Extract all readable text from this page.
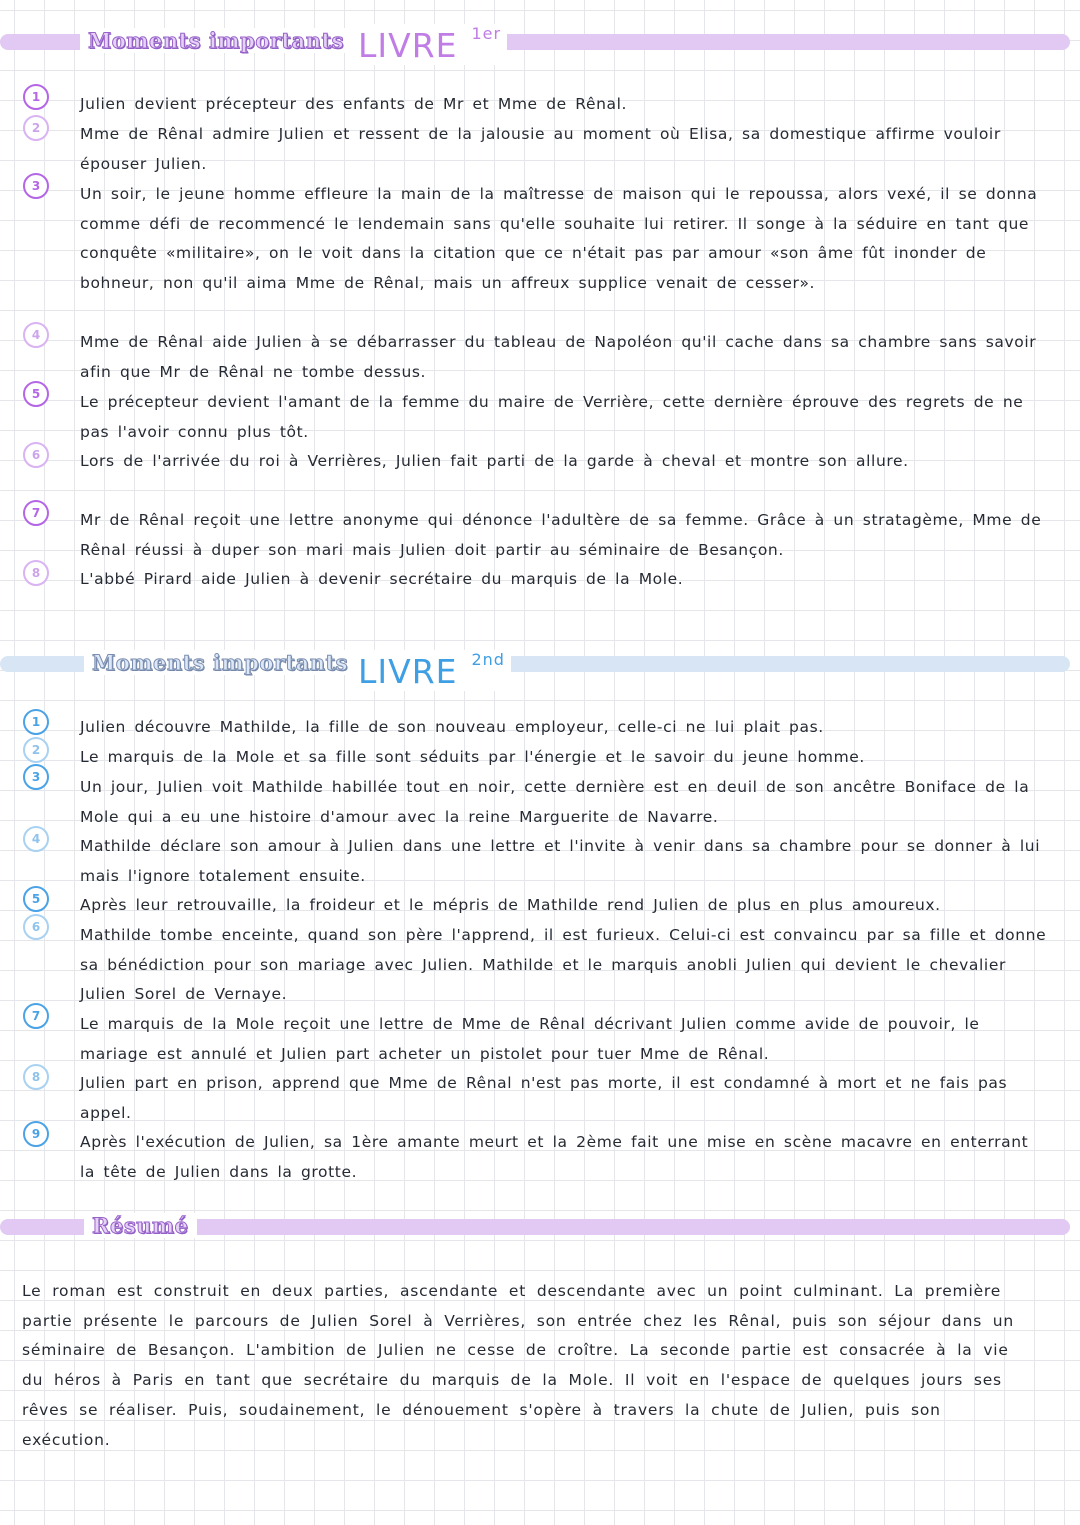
Moments importants LIVRE $^{1er}$
1	Julien devient précepteur des enfants de Mr et Mme de Rênal.
2	Mme de Rênal admire Julien et ressent de la jalousie au moment où Elisa, sa domestique affirme vouloir épouser Julien.
3	Un soir, le jeune homme effleure la main de la maîtresse de maison qui le repoussa, alors vexé, il se donna comme défi de recommencé le lendemain sans qu'elle souhaite lui retirer. Il songe à la séduire en tant que conquête «militaire», on le voit dans la citation que ce n'était pas par amour «son âme fût inonder de bohneur, non qu'il aima Mme de Rênal, mais un affreux supplice venait de cesser».
4	Mme de Rênal aide Julien à se débarrasser du tableau de Napoléon qu'il cache dans sa chambre sans savoir afin que Mr de Rênal ne tombe dessus.
5	Le précepteur devient l'amant de la femme du maire de Verrière, cette dernière éprouve des regrets de ne pas l'avoir connu plus tôt.
6	Lors de l'arrivée du roi à Verrières, Julien fait parti de la garde à cheval et montre son allure.
7	Mr de Rênal reçoit une lettre anonyme qui dénonce l'adultère de sa femme. Grâce à un stratagème, Mme de Rênal réussi à duper son mari mais Julien doit partir au séminaire de Besançon.
8	L'abbé Pirard aide Julien à devenir secrétaire du marquis de la Mole.
Moments importants LIVRE $^{2nd}$
1	Julien découvre Mathilde, la fille de son nouveau employeur, celle-ci ne lui plait pas.
2	Le marquis de la Mole et sa fille sont séduits par l'énergie et le savoir du jeune homme.
3
Un jour, Julien voit Mathilde habillée tout en noir, cette dernière est en deuil de son ancêtre Boniface de la Mole qui a eu une histoire d'amour avec la reine Marguerite de Navarre.
4	Mathilde déclare son amour à Julien dans une lettre et l'invite à venir dans sa chambre pour se donner à lui mais l'ignore totalement ensuite.
5	Après leur retrouvaille, la froideur et le mépris de Mathilde rend Julien de plus en plus amoureux.
6	Mathilde tombe enceinte, quand son père l'apprend, il est furieux. Celui-ci est convaincu par sa fille et donne sa bénédiction pour son mariage avec Julien. Mathilde et le marquis anobli Julien qui devient le chevalier Julien Sorel de Vernaye.
7	Le marquis de la Mole reçoit une lettre de Mme de Rênal décrivant Julien comme avide de pouvoir, le mariage est annulé et Julien part acheter un pistolet pour tuer Mme de Rênal.
8	Julien part en prison, apprend que Mme de Rênal n'est pas morte, il est condamné à mort et ne fais pas appel.
9	Après l'exécution de Julien, sa 1ère amante meurt et la 2ème fait une mise en scène macavre en enterrant la tête de Julien dans la grotte.
Résumé
Le roman est construit en deux parties, ascendante et descendante avec un point culminant. La première partie présente le parcours de Julien Sorel à Verrières, son entrée chez les Rênal, puis son séjour dans un séminaire de Besançon. L'ambition de Julien ne cesse de croître. La seconde partie est consacrée à la vie du héros à Paris en tant que secrétaire du marquis de la Mole. Il voit en l'espace de quelques jours ses rêves se réaliser. Puis, soudainement, le dénouement s'opère à travers la chute de Julien, puis son exécution.
